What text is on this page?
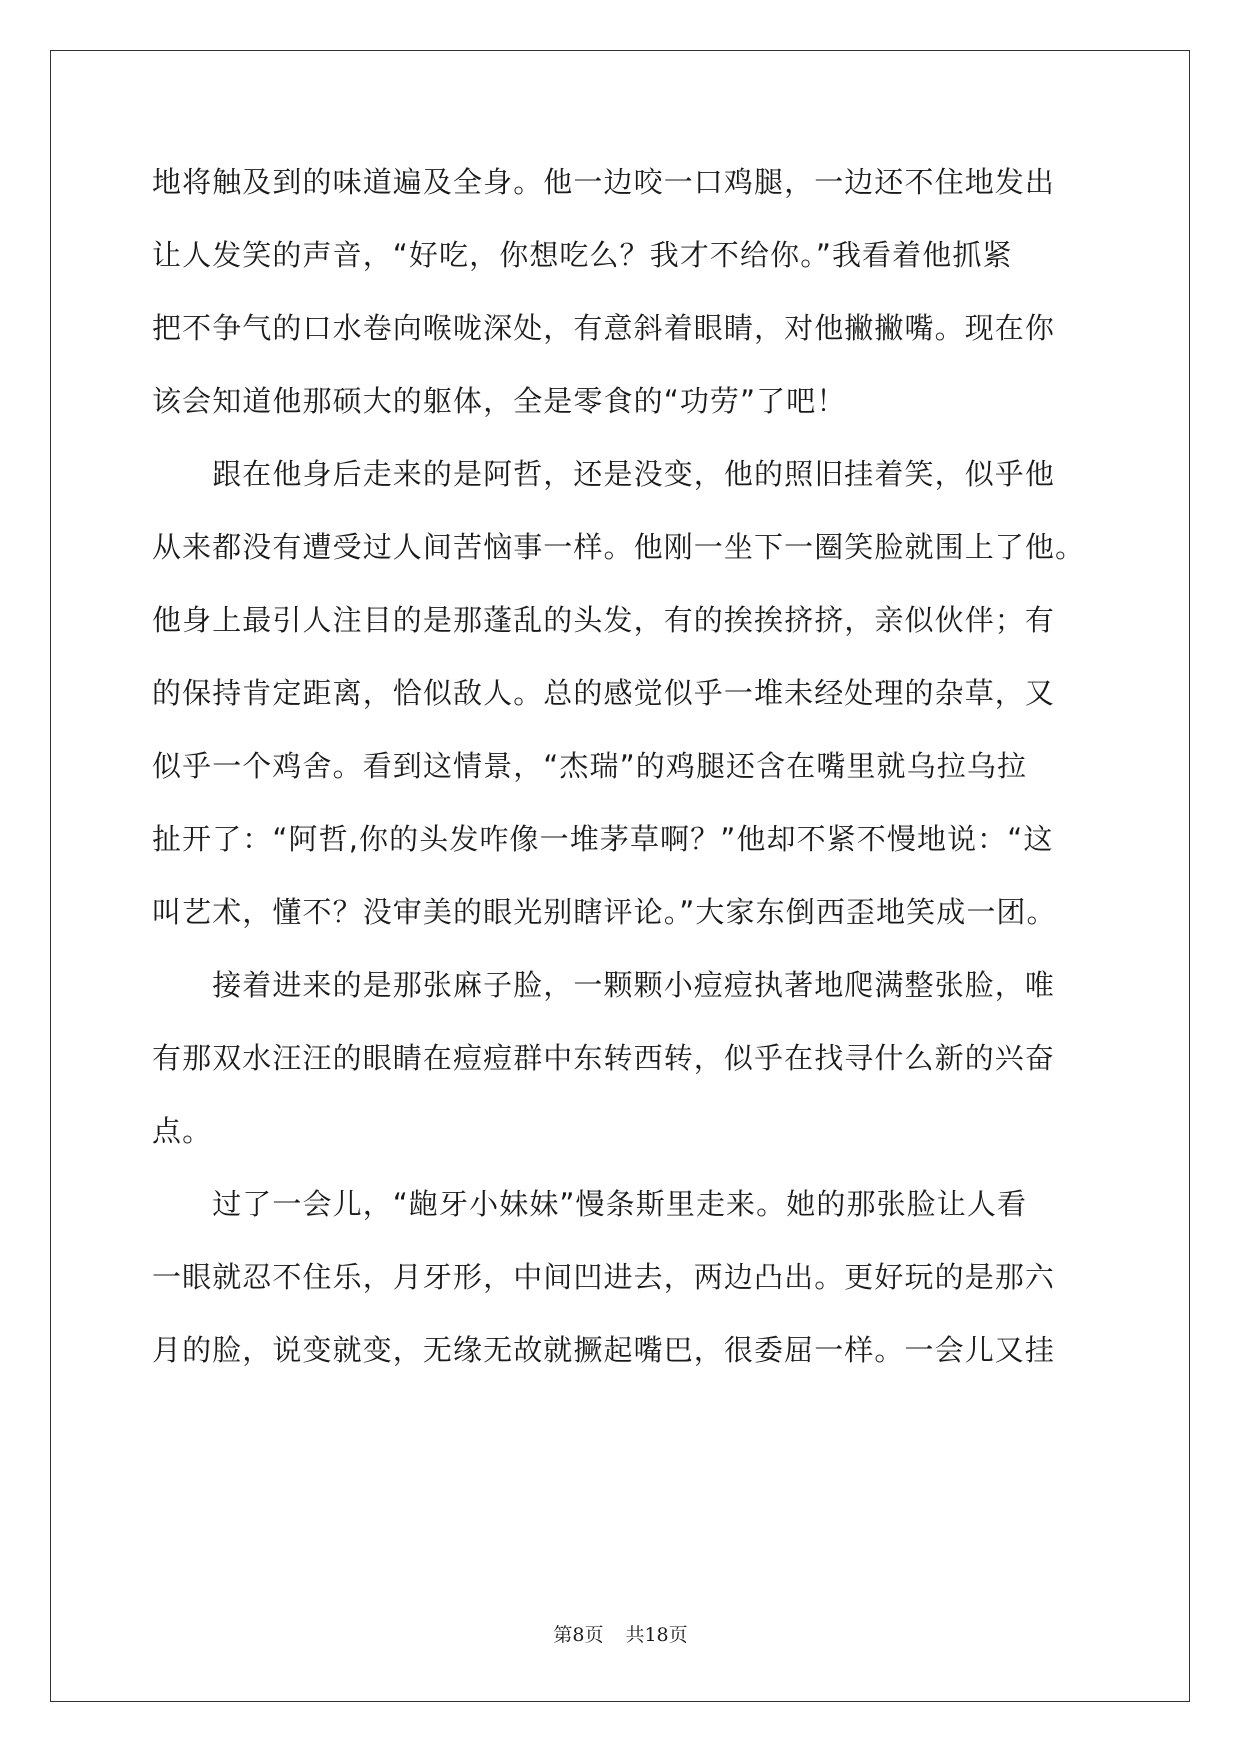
地将触及到的味道遍及全身。他一边咬一口鸡腿，一边还不住地发出
让人发笑的声音，“好吃，你想吃么？我才不给你。”我看着他抓紧
把不争气的口水卷向喉咙深处，有意斜着眼睛，对他撇撇嘴。现在你
该会知道他那硕大的躯体，全是零食的“功劳”了吧！
　　跟在他身后走来的是阿哲，还是没变，他的照旧挂着笑，似乎他
从来都没有遭受过人间苦恼事一样。他刚一坐下一圈笑脸就围上了他。
他身上最引人注目的是那蓬乱的头发，有的挨挨挤挤，亲似伙伴；有
的保持肯定距离，恰似敌人。总的感觉似乎一堆未经处理的杂草，又
似乎一个鸡舍。看到这情景，“杰瑞”的鸡腿还含在嘴里就乌拉乌拉
扯开了：“阿哲,你的头发咋像一堆茅草啊？”他却不紧不慢地说：“这
叫艺术，懂不？没审美的眼光别瞎评论。”大家东倒西歪地笑成一团。
　　接着进来的是那张麻子脸，一颗颗小痘痘执著地爬满整张脸，唯
有那双水汪汪的眼睛在痘痘群中东转西转，似乎在找寻什么新的兴奋
点。
　　过了一会儿，“龅牙小妹妹”慢条斯里走来。她的那张脸让人看
一眼就忍不住乐，月牙形，中间凹进去，两边凸出。更好玩的是那六
月的脸，说变就变，无缘无故就撅起嘴巴，很委屈一样。一会儿又挂
第8页 共18页
